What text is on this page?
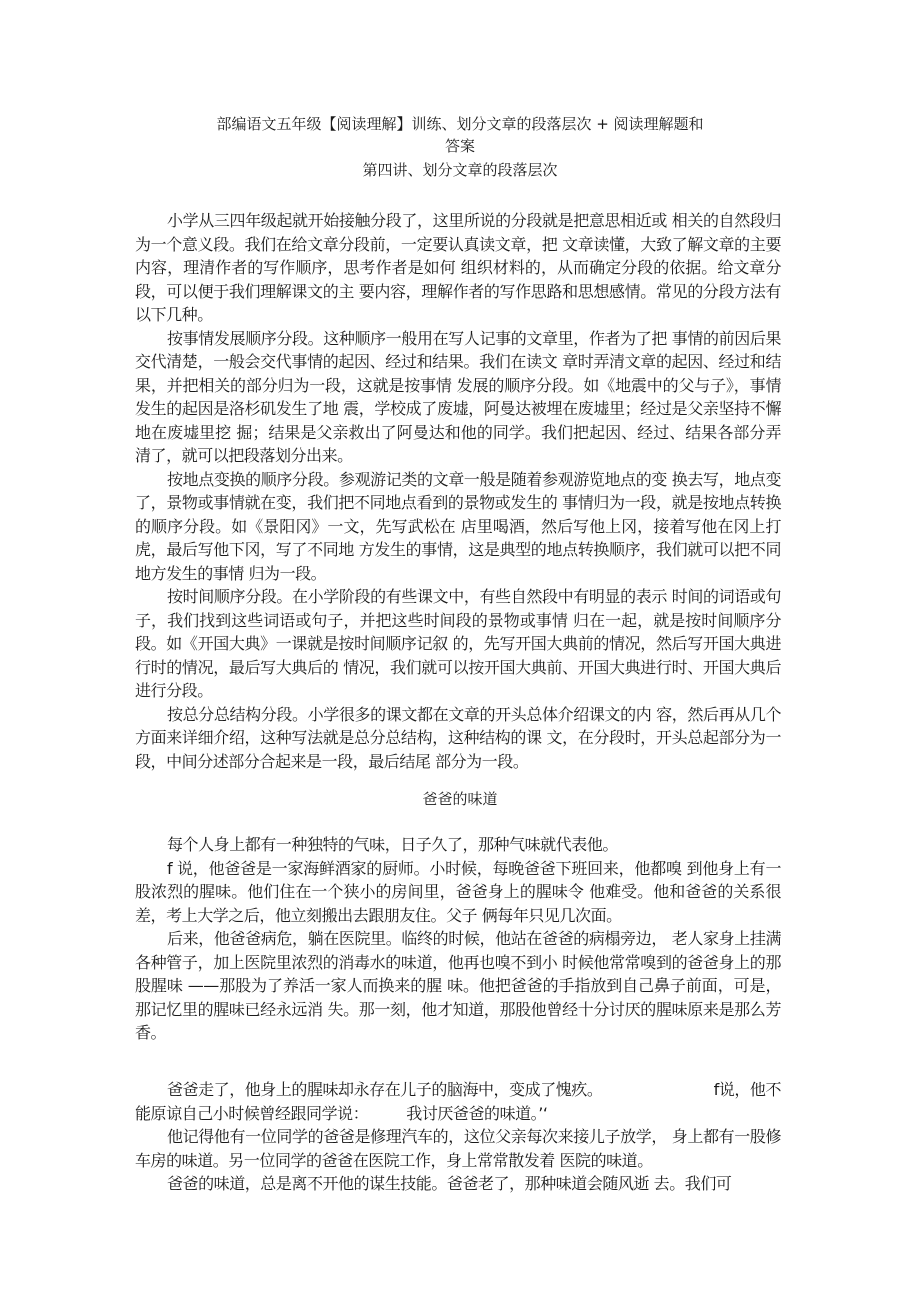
部编语文五年级【阅读理解】训练、划分文章的段落层次 + 阅读理解题和
答案
第四讲、划分文章的段落层次

小学从三四年级起就开始接触分段了，这里所说的分段就是把意思相近或 相关的自然段归为一个意义段。我们在给文章分段前，一定要认真读文章，把 文章读懂，大致了解文章的主要内容，理清作者的写作顺序，思考作者是如何 组织材料的，从而确定分段的依据。给文章分段，可以便于我们理解课文的主 要内容，理解作者的写作思路和思想感情。常见的分段方法有以下几种。

按事情发展顺序分段。这种顺序一般用在写人记事的文章里，作者为了把 事情的前因后果交代清楚，一般会交代事情的起因、经过和结果。我们在读文 章时弄清文章的起因、经过和结果，并把相关的部分归为一段，这就是按事情 发展的顺序分段。如《地震中的父与子》，事情发生的起因是洛杉矶发生了地 震，学校成了废墟，阿曼达被埋在废墟里；经过是父亲坚持不懈地在废墟里挖 掘；结果是父亲救出了阿曼达和他的同学。我们把起因、经过、结果各部分弄 清了，就可以把段落划分出来。

按地点变换的顺序分段。参观游记类的文章一般是随着参观游览地点的变 换去写，地点变了，景物或事情就在变，我们把不同地点看到的景物或发生的 事情归为一段，就是按地点转换的顺序分段。如《景阳冈》一文，先写武松在 店里喝酒，然后写他上冈，接着写他在冈上打虎，最后写他下冈，写了不同地 方发生的事情，这是典型的地点转换顺序，我们就可以把不同地方发生的事情 归为一段。

按时间顺序分段。在小学阶段的有些课文中，有些自然段中有明显的表示 时间的词语或句子，我们找到这些词语或句子，并把这些时间段的景物或事情 归在一起，就是按时间顺序分段。如《开国大典》一课就是按时间顺序记叙 的，先写开国大典前的情况，然后写开国大典进行时的情况，最后写大典后的 情况，我们就可以按开国大典前、开国大典进行时、开国大典后进行分段。

按总分总结构分段。小学很多的课文都在文章的开头总体介绍课文的内 容，然后再从几个方面来详细介绍，这种写法就是总分总结构，这种结构的课 文，在分段时，开头总起部分为一段，中间分述部分合起来是一段，最后结尾 部分为一段。

爸爸的味道

每个人身上都有一种独特的气味，日子久了，那种气味就代表他。

f 说，他爸爸是一家海鲜酒家的厨师。小时候，每晚爸爸下班回来，他都嗅 到他身上有一股浓烈的腥味。他们住在一个狭小的房间里，爸爸身上的腥味令 他难受。他和爸爸的关系很差，考上大学之后，他立刻搬出去跟朋友住。父子 俩每年只见几次面。

后来，他爸爸病危，躺在医院里。临终的时候，他站在爸爸的病榻旁边， 老人家身上挂满各种管子，加上医院里浓烈的消毒水的味道，他再也嗅不到小 时候他常常嗅到的爸爸身上的那股腥味 ——那股为了养活一家人而换来的腥 味。他把爸爸的手指放到自己鼻子前面，可是，那记忆里的腥味已经永远消 失。那一刻，他才知道，那股他曾经十分讨厌的腥味原来是那么芳香。

爸爸走了，他身上的腥味却永存在儿子的脑海中，变成了愧疚。	f说，他不

能原谅自己小时候曾经跟同学说： 我讨厌爸爸的味道。’‘

他记得他有一位同学的爸爸是修理汽车的，这位父亲每次来接儿子放学， 身上都有一股修车房的味道。另一位同学的爸爸在医院工作，身上常常散发着 医院的味道。

爸爸的味道，总是离不开他的谋生技能。爸爸老了，那种味道会随风逝 去。我们可
